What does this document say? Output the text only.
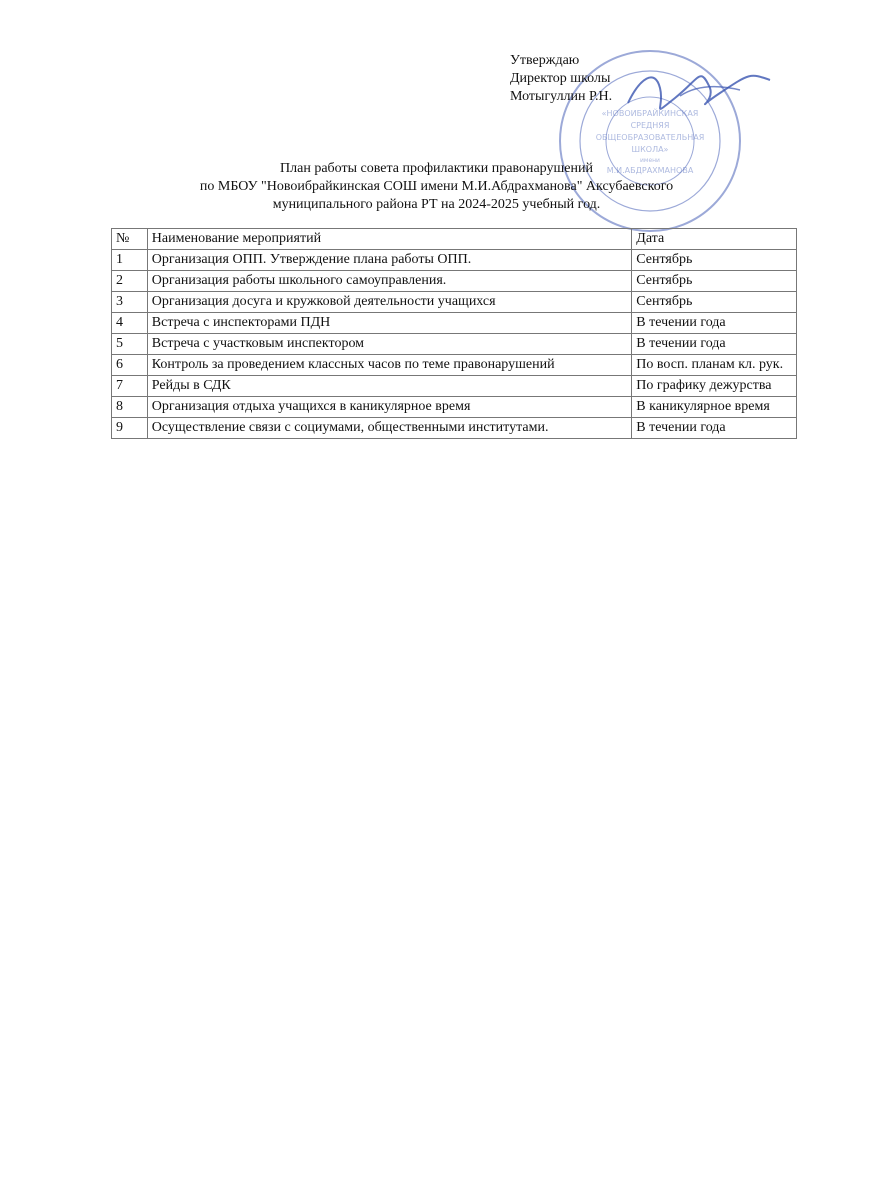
«НОВОИБРАЙКИНСКАЯ
СРЕДНЯЯ
ОБЩЕОБРАЗОВАТЕЛЬНАЯ
ШКОЛА»
имени
М.И.АБДРАХМАНОВА
Утверждаю
Директор школы
Мотыгуллин Р.Н.
План работы совета профилактики правонарушений
по МБОУ "Новоибрайкинская СОШ имени М.И.Абдрахманова" Аксубаевского
муниципального района РТ на 2024-2025 учебный год.
№	Наименование мероприятий	Дата
1	Организация ОПП. Утверждение плана работы ОПП.	Сентябрь
2	Организация работы школьного самоуправления.	Сентябрь
3	Организация досуга и кружковой деятельности учащихся	Сентябрь
4	Встреча с инспекторами ПДН	В течении года
5	Встреча с участковым инспектором	В течении года
6	Контроль за проведением классных часов по теме правонарушений	По восп. планам кл. рук.
7	Рейды в СДК	По графику дежурства
8	Организация отдыха учащихся в каникулярное время	В каникулярное время
9	Осуществление связи с социумами, общественными институтами.	В течении года
